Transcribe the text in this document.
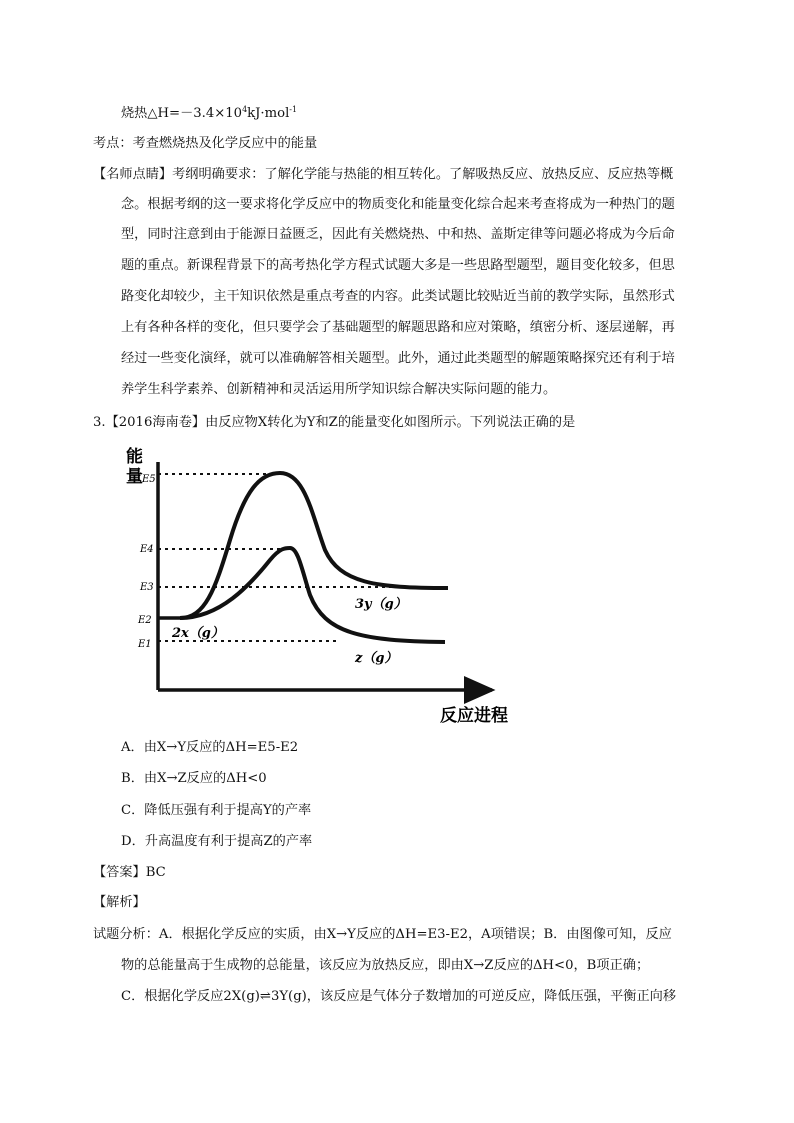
烧热$\triangle H=-3.4\times 10^4kJ\cdot mol^{-1}$
考点：考查燃烧热及化学反应中的能量
【名师点睛】考纲明确要求：了解化学能与热能的相互转化。了解吸热反应、放热反应、反应热等概
念。根据考纲的这一要求将化学反应中的物质变化和能量变化综合起来考查将成为一种热门的题
型，同时注意到由于能源日益匮乏，因此有关燃烧热、中和热、盖斯定律等问题必将成为今后命
题的重点。新课程背景下的高考热化学方程式试题大多是一些思路型题型，题目变化较多，但思
路变化却较少，主干知识依然是重点考查的内容。此类试题比较贴近当前的教学实际，虽然形式
上有各种各样的变化，但只要学会了基础题型的解题思路和应对策略，缜密分析、逐层递解，再
经过一些变化演绎，就可以准确解答相关题型。此外，通过此类题型的解题策略探究还有利于培
养学生科学素养、创新精神和灵活运用所学知识综合解决实际问题的能力。
3.【2016海南卷】由反应物X转化为Y和Z的能量变化如图所示。下列说法正确的是
能
量
反应进程
E5
E4
E3
E2
E1
2x（g）
3y（g）
z（g）
A．由X→Y反应的ΔH=E5-E2
B．由X→Z反应的ΔH<0
C．降低压强有利于提高Y的产率
D．升高温度有利于提高Z的产率
【答案】BC
【解析】
试题分析：A．根据化学反应的实质，由X→Y反应的ΔH=E3-E2，A项错误；B．由图像可知，反应
物的总能量高于生成物的总能量，该反应为放热反应，即由X→Z反应的ΔH<0，B项正确；
C．根据化学反应2X(g)⇌3Y(g)，该反应是气体分子数增加的可逆反应，降低压强，平衡正向移
